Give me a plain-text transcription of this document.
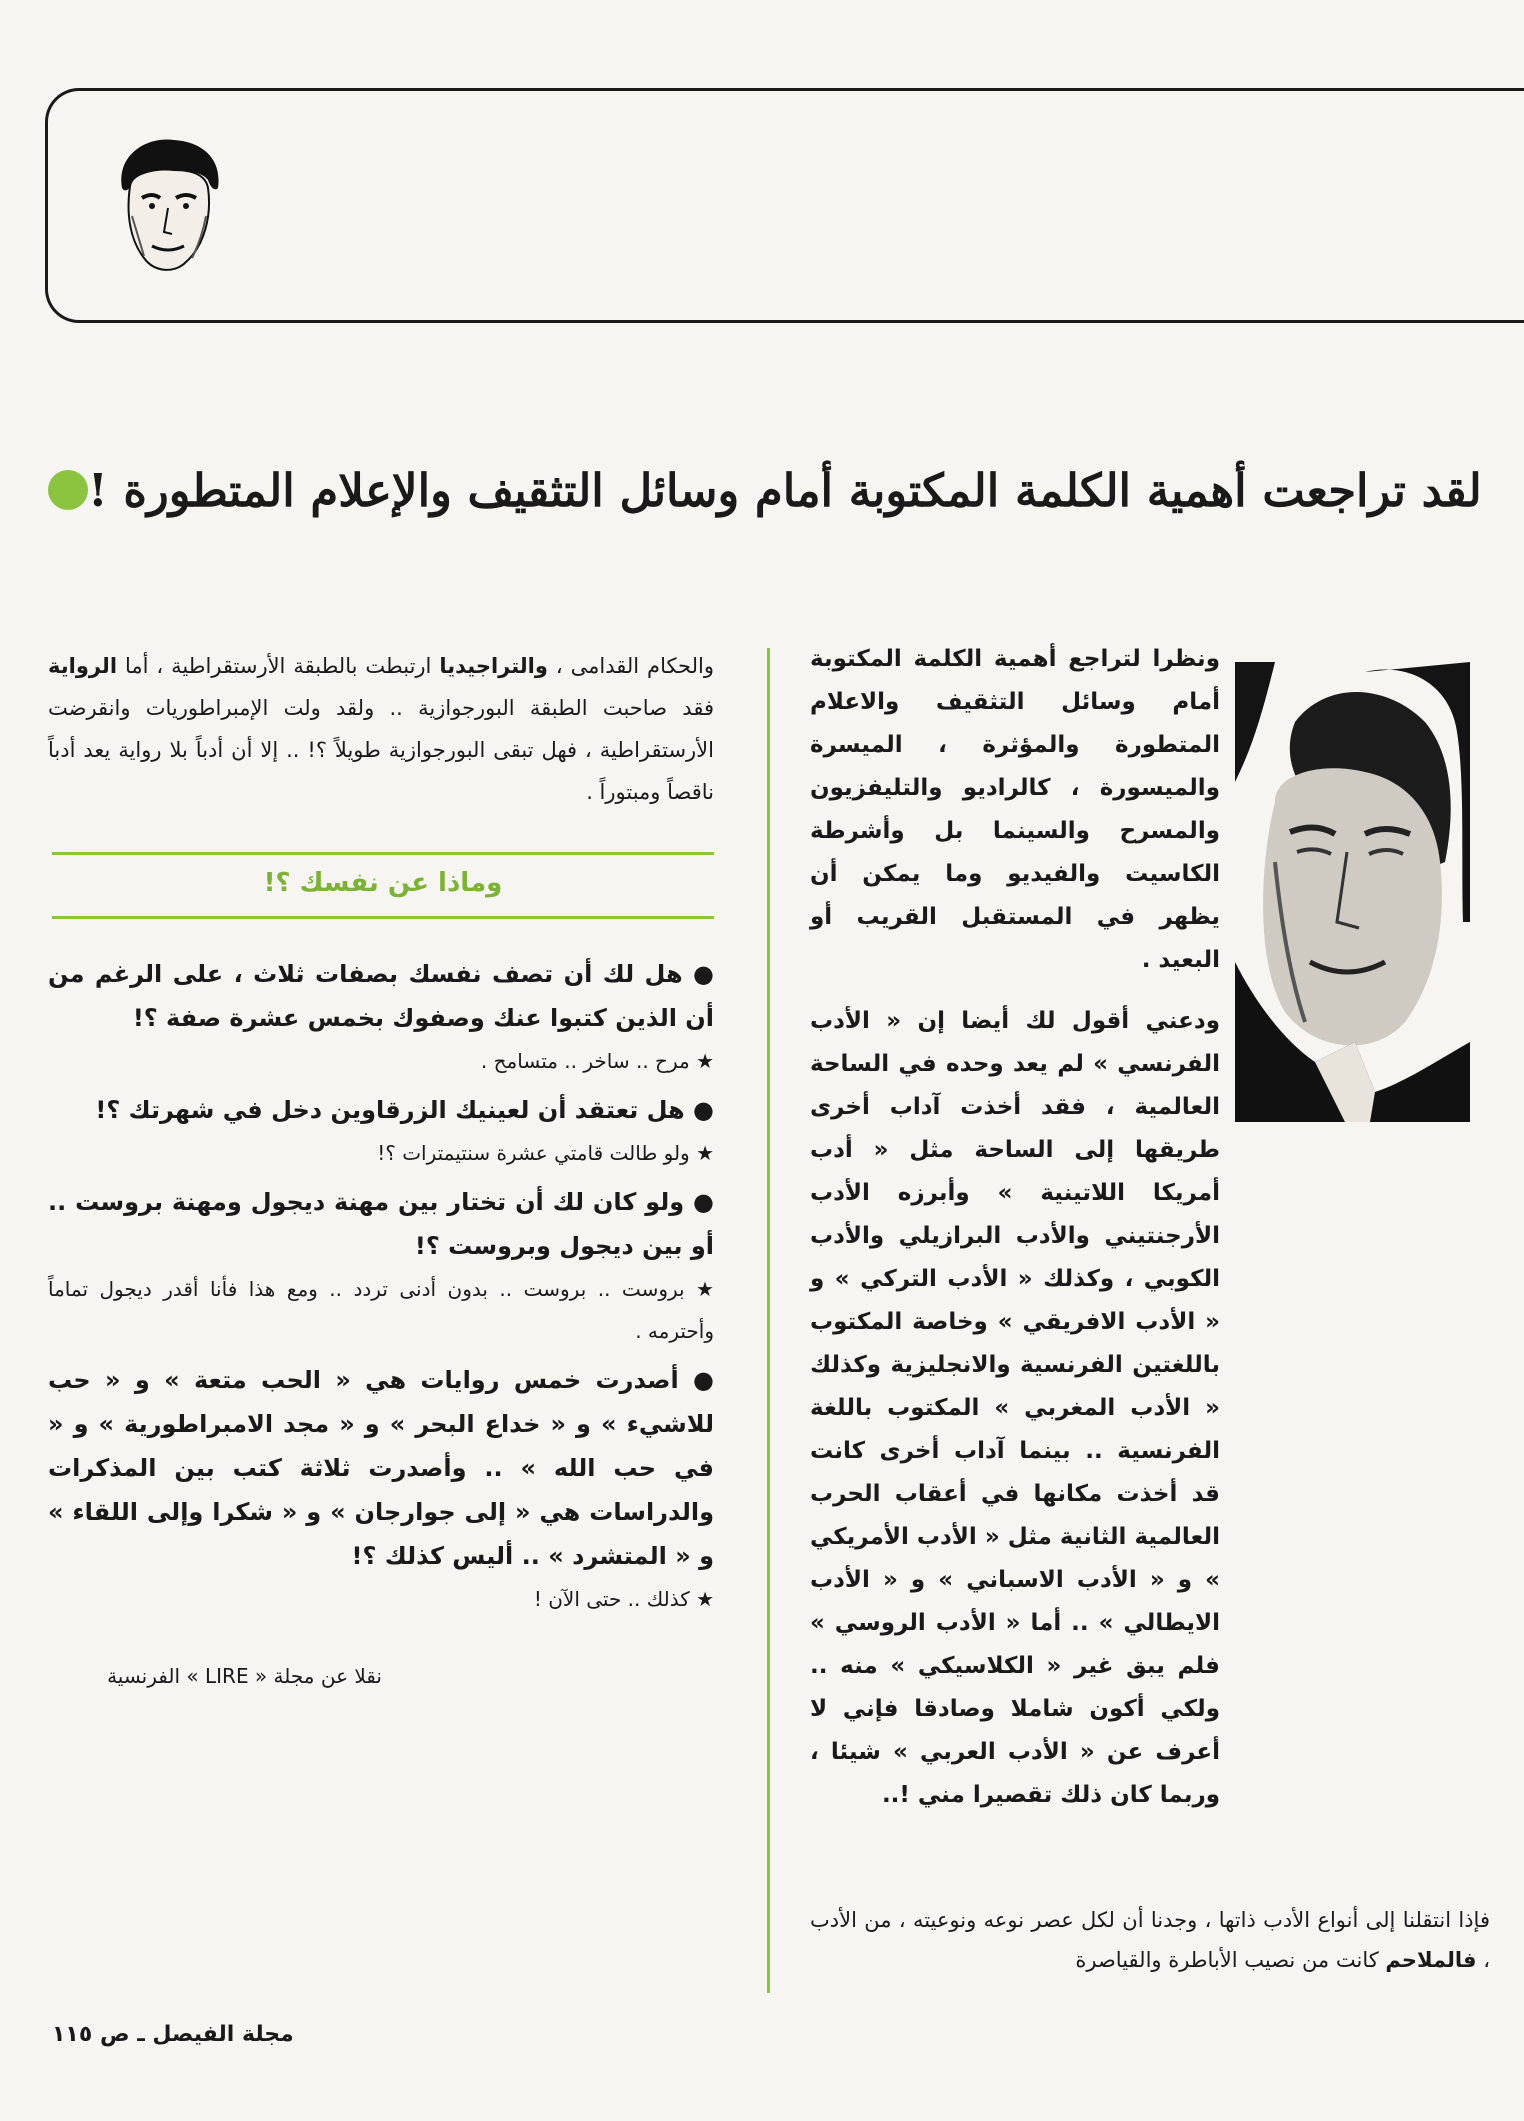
لقد تراجعت أهمية الكلمة المكتوبة أمام وسائل التثقيف والإعلام المتطورة !
ونظرا لتراجع أهمية الكلمة المكتوبة أمام وسائل التثقيف والاعلام المتطورة والمؤثرة ، الميسرة والميسورة ، كالراديو والتليفزيون والمسرح والسينما بل وأشرطة الكاسيت والفيديو وما يمكن أن يظهر في المستقبل القريب أو البعيد .
ودعني أقول لك أيضا إن « الأدب الفرنسي » لم يعد وحده في الساحة العالمية ، فقد أخذت آداب أخرى طريقها إلى الساحة مثل « أدب أمريكا اللاتينية » وأبرزه الأدب الأرجنتيني والأدب البرازيلي والأدب الكوبي ، وكذلك « الأدب التركي » و « الأدب الافريقي » وخاصة المكتوب باللغتين الفرنسية والانجليزية وكذلك « الأدب المغربي » المكتوب باللغة الفرنسية .. بينما آداب أخرى كانت قد أخذت مكانها في أعقاب الحرب العالمية الثانية مثل « الأدب الأمريكي » و « الأدب الاسباني » و « الأدب الايطالي » .. أما « الأدب الروسي » فلم يبق غير « الكلاسيكي » منه .. ولكي أكون شاملا وصادقا فإني لا أعرف عن « الأدب العربي » شيئا ، وربما كان ذلك تقصيرا مني !..
والحكام القدامى ، والتراجيديا ارتبطت بالطبقة الأرستقراطية ، أما الرواية فقد صاحبت الطبقة البورجوازية .. ولقد ولت الإمبراطوريات وانقرضت الأرستقراطية ، فهل تبقى البورجوازية طويلاً ؟! .. إلا أن أدباً بلا رواية يعد أدباً ناقصاً ومبتوراً .
وماذا عن نفسك ؟!

● هل لك أن تصف نفسك بصفات ثلاث ، على الرغم من أن الذين كتبوا عنك وصفوك بخمس عشرة صفة ؟!

★ مرح .. ساخر .. متسامح .

● هل تعتقد أن لعينيك الزرقاوين دخل في شهرتك ؟!

★ ولو طالت قامتي عشرة سنتيمترات ؟!

● ولو كان لك أن تختار بين مهنة ديجول ومهنة بروست .. أو بين ديجول وبروست ؟!

★ بروست .. بروست .. بدون أدنى تردد .. ومع هذا فأنا أقدر ديجول تماماً وأحترمه .

● أصدرت خمس روايات هي « الحب متعة » و « حب للاشيء » و « خداع البحر » و « مجد الامبراطورية » و « في حب الله » .. وأصدرت ثلاثة كتب بين المذكرات والدراسات هي « إلى جوارجان » و « شكرا وإلى اللقاء » و « المتشرد » .. أليس كذلك ؟!

★ كذلك .. حتى الآن !

نقلا عن مجلة « LIRE » الفرنسية
فإذا انتقلنا إلى أنواع الأدب ذاتها ، وجدنا أن لكل عصر نوعه ونوعيته ، من الأدب ، فالملاحم كانت من نصيب الأباطرة والقياصرة
مجلة الفيصل ـ ص ١١٥
